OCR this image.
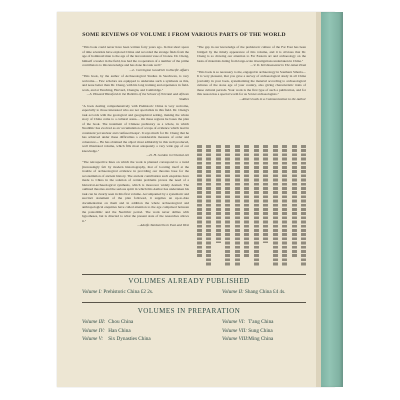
SOME REVIEWS OF VOLUME I FROM VARIOUS PARTS OF THE WORLD
"This book could never have been written forty years ago. In that short space of time scientists have explored China and recorded the strange finds from the age of hominoid man to the age of the last resistant vase of bronze. Dr. Cheng, himself a leader in the field, has had the cooperation of a number of the prime contributors to this knowledge and has done his task well."
—L. Carrington Goodrich in Pacific Affairs
"This book, by the author of Archaeological Studies in Szechwan, is very welcome.... Few scholars are equipped to undertake such a synthesis as this, and none better than Dr. Cheng, with his long training and experience in field-work, and at Yenching, Harvard, Chengtu, and Cambridge."
—S. Howard Hansford in the Bulletin of the School of Oriental and African Studies
"A book dealing comprehensively with Prehistoric China is very welcome, especially to those interested who are not specialists in this field. Dr. Cheng's task accords with the geological and geographical setting, making the whole story of China come to a cultural arena.... On these regions he bases the plan of the book. The treatment of Chinese prehistory as a whole, in which Neolithic has evolved as an 'accumulation of scraps of evidence which lead in consistent yet unclear and confused heaps'. It says much for Dr. Cheng that he has achieved under these difficulties a considerable measure of order and coherence.... He has obtained the object most admirably in this well produced, well illustrated volume, which fills most adequately a very wide gap of our knowledge."
—D. H. Gordon in Oriental Art
"The retrospective lines on which the work is planned correspond to a trend (increasingly felt by modern historiography, that of locating itself at the trouble of archaeological evidence in providing our theories base for the reconstitution of ancient history. The ancient contribution such enquiries have made to China in the solution of certain problems proves the need of a historical-archaeological synthesis, which is moreover widely desired. The outlined theories and the serious spirit in which this Author has undertaken his task can be clearly seen in this first volume. Accompanied by a systematic and succinct statement of the plan followed, it supplies an up-to-date documentation on them and in addition the whole archaeological and anthropological enquiries have called attention to the age comprised between the paleolithic and the Neolithic period. The work never dallies with hypotheses, but is directed to what the present state of the researches allows it."
—Adolfo Tamburello in East and West
"The gap in our knowledge of the prehistoric culture of the Far East has been bridged by the timely appearance of this volume, and it is obvious that Dr. Cheng is so drawing our attention to Far Eastern art and archaeology on the basis of materials dating from large-scale investigations undertaken in China."
—V. D. Krishnaswami in The Asian Peak
"This book is so necessary to me, engaged in archaeology in Southern Siberia.... It is very pleasant, that you gave a survey of archaeological study in all China (certainly in your book, systematizing the material according to archaeological cultures of the stone age of your country, also giving characteristic traits of these cultural periods. Your work is the first type of such a publication, and for this reason has a special worth for us Soviet archaeologists."
—Albert Lusik in a Communication to the Author
VOLUMES ALREADY PUBLISHED
Volume I: Prehistoric China £2 2s.	Volume II: Shang China £4 4s.
VOLUMES IN PREPARATION
Volume III: Chou China
Volume IV: Han China
Volume V: Six Dynasties China
Volume VI: T'ang China
Volume VII: Sung China
Volume VIII: Ming China
